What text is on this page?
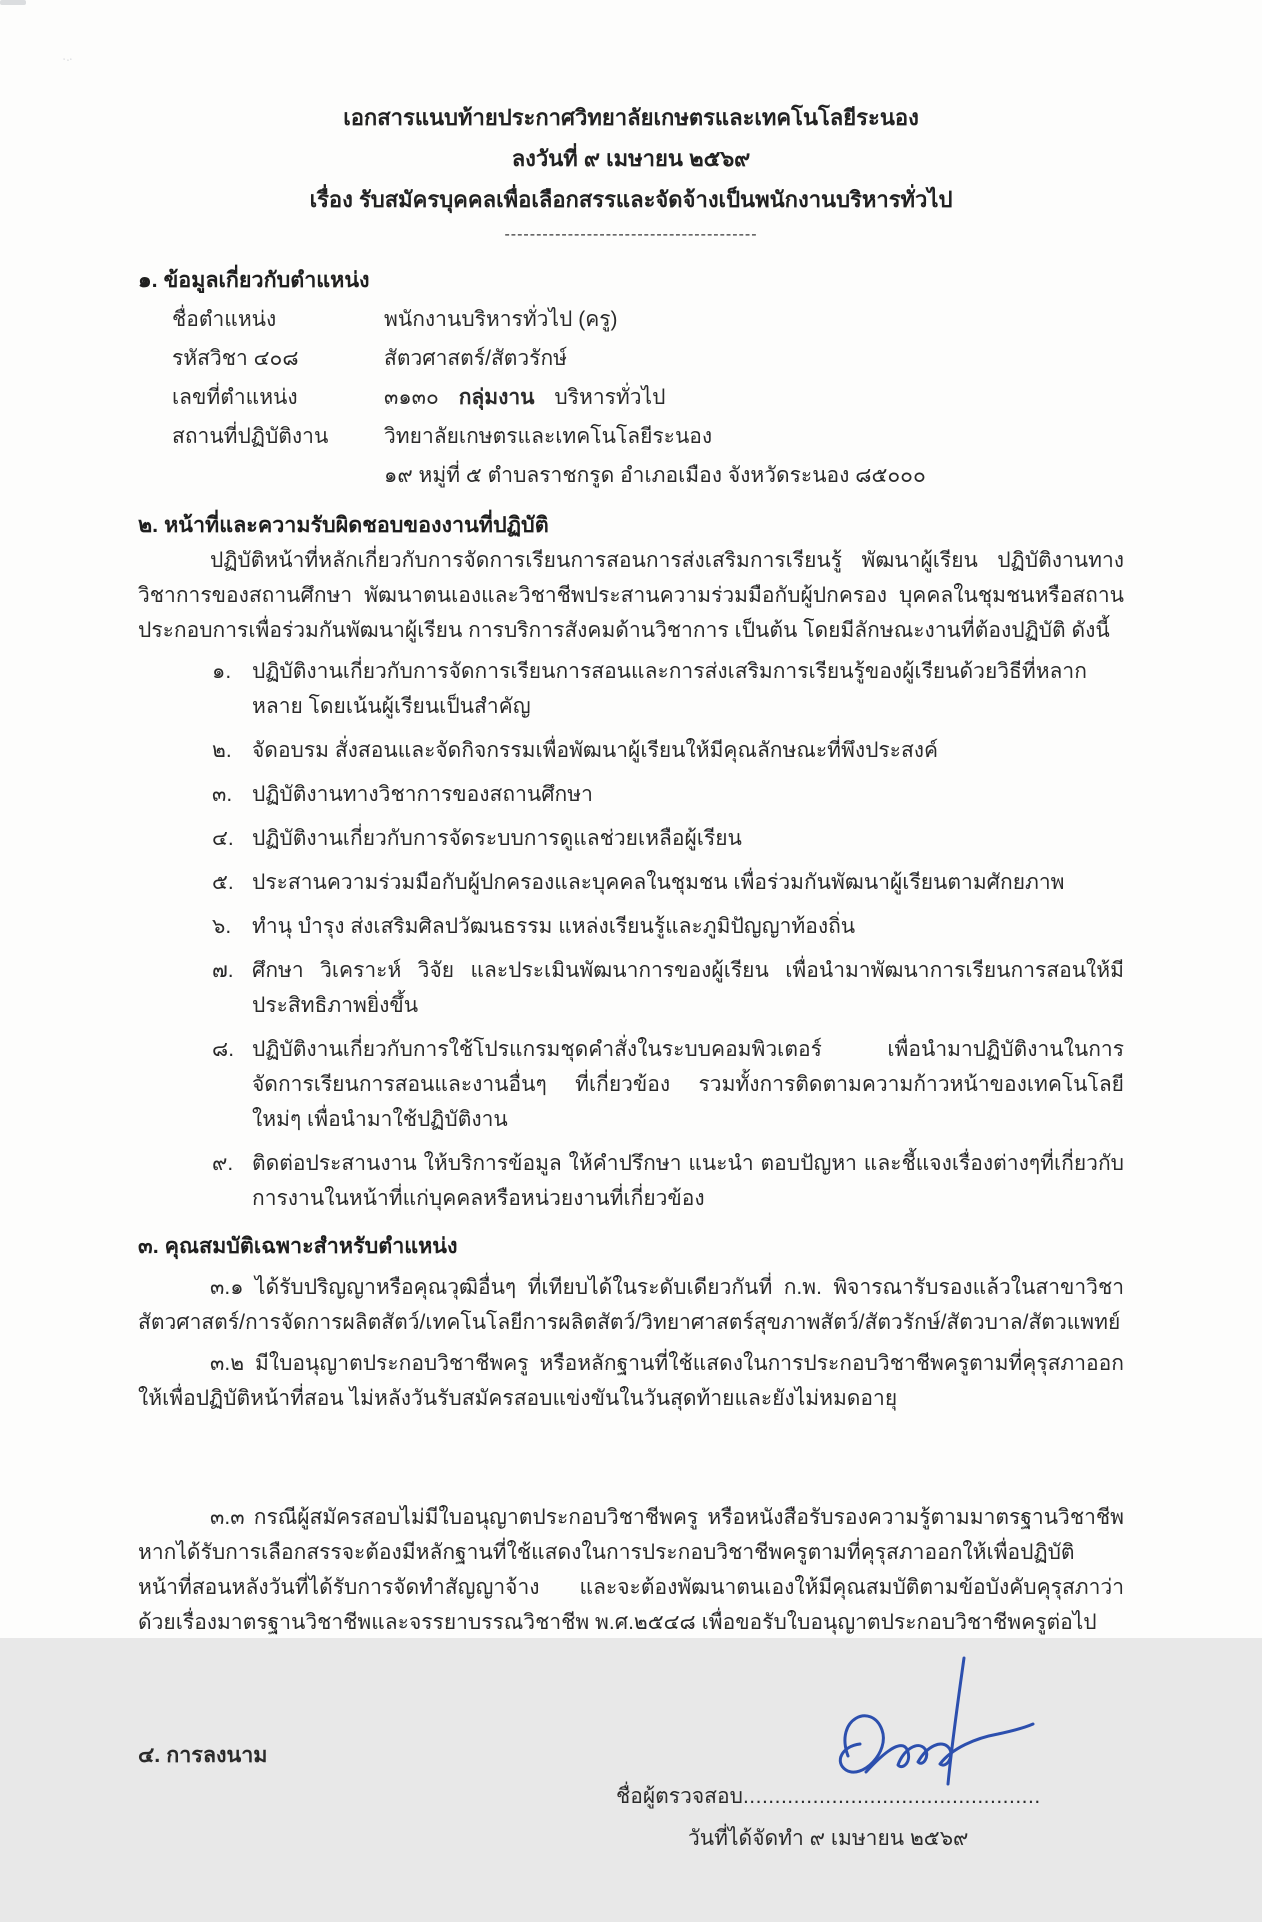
·..
เอกสารแนบท้ายประกาศวิทยาลัยเกษตรและเทคโนโลยีระนอง
ลงวันที่ ๙ เมษายน ๒๕๖๙
เรื่อง รับสมัครบุคคลเพื่อเลือกสรรและจัดจ้างเป็นพนักงานบริหารทั่วไป
----------------------------------------
๑. ข้อมูลเกี่ยวกับตำแหน่ง
ชื่อตำแหน่ง	พนักงานบริหารทั่วไป (ครู)
รหัสวิชา ๔๐๘	สัตวศาสตร์/สัตวรักษ์
เลขที่ตำแหน่ง	๓๑๓๐ กลุ่มงาน บริหารทั่วไป
สถานที่ปฏิบัติงาน	วิทยาลัยเกษตรและเทคโนโลยีระนอง
๑๙ หมู่ที่ ๕ ตำบลราชกรูด อำเภอเมือง จังหวัดระนอง ๘๕๐๐๐
๒. หน้าที่และความรับผิดชอบของงานที่ปฏิบัติ

ปฏิบัติหน้าที่หลักเกี่ยวกับการจัดการเรียนการสอนการส่งเสริมการเรียนรู้ พัฒนาผู้เรียน ปฏิบัติงานทางวิชาการของสถานศึกษา พัฒนาตนเองและวิชาชีพประสานความร่วมมือกับผู้ปกครอง บุคคลในชุมชนหรือสถานประกอบการเพื่อร่วมกันพัฒนาผู้เรียน การบริการสังคมด้านวิชาการ เป็นต้น โดยมีลักษณะงานที่ต้องปฏิบัติ ดังนี้

๑. ปฏิบัติงานเกี่ยวกับการจัดการเรียนการสอนและการส่งเสริมการเรียนรู้ของผู้เรียนด้วยวิธีที่หลากหลาย โดยเน้นผู้เรียนเป็นสำคัญ
๒. จัดอบรม สั่งสอนและจัดกิจกรรมเพื่อพัฒนาผู้เรียนให้มีคุณลักษณะที่พึงประสงค์
๓. ปฏิบัติงานทางวิชาการของสถานศึกษา
๔. ปฏิบัติงานเกี่ยวกับการจัดระบบการดูแลช่วยเหลือผู้เรียน
๕. ประสานความร่วมมือกับผู้ปกครองและบุคคลในชุมชน เพื่อร่วมกันพัฒนาผู้เรียนตามศักยภาพ
๖. ทำนุ บำรุง ส่งเสริมศิลปวัฒนธรรม แหล่งเรียนรู้และภูมิปัญญาท้องถิ่น
๗. ศึกษา วิเคราะห์ วิจัย และประเมินพัฒนาการของผู้เรียน เพื่อนำมาพัฒนาการเรียนการสอนให้มีประสิทธิภาพยิ่งขึ้น
๘. ปฏิบัติงานเกี่ยวกับการใช้โปรแกรมชุดคำสั่งในระบบคอมพิวเตอร์ เพื่อนำมาปฏิบัติงานในการจัดการเรียนการสอนและงานอื่นๆ ที่เกี่ยวข้อง รวมทั้งการติดตามความก้าวหน้าของเทคโนโลยีใหม่ๆ เพื่อนำมาใช้ปฏิบัติงาน
๙. ติดต่อประสานงาน ให้บริการข้อมูล ให้คำปรึกษา แนะนำ ตอบปัญหา และชี้แจงเรื่องต่างๆที่เกี่ยวกับการงานในหน้าที่แก่บุคคลหรือหน่วยงานที่เกี่ยวข้อง
๓. คุณสมบัติเฉพาะสำหรับตำแหน่ง

๓.๑ ได้รับปริญญาหรือคุณวุฒิอื่นๆ ที่เทียบได้ในระดับเดียวกันที่ ก.พ. พิจารณารับรองแล้วในสาขาวิชาสัตวศาสตร์/การจัดการผลิตสัตว์/เทคโนโลยีการผลิตสัตว์/วิทยาศาสตร์สุขภาพสัตว์/สัตวรักษ์/สัตวบาล/สัตวแพทย์

๓.๒ มีใบอนุญาตประกอบวิชาชีพครู หรือหลักฐานที่ใช้แสดงในการประกอบวิชาชีพครูตามที่คุรุสภาออกให้เพื่อปฏิบัติหน้าที่สอน ไม่หลังวันรับสมัครสอบแข่งขันในวันสุดท้ายและยังไม่หมดอายุ

๓.๓ กรณีผู้สมัครสอบไม่มีใบอนุญาตประกอบวิชาชีพครู หรือหนังสือรับรองความรู้ตามมาตรฐานวิชาชีพ หากได้รับการเลือกสรรจะต้องมีหลักฐานที่ใช้แสดงในการประกอบวิชาชีพครูตามที่คุรุสภาออกให้เพื่อปฏิบัติหน้าที่สอนหลังวันที่ได้รับการจัดทำสัญญาจ้าง และจะต้องพัฒนาตนเองให้มีคุณสมบัติตามข้อบังคับคุรุสภาว่าด้วยเรื่องมาตรฐานวิชาชีพและจรรยาบรรณวิชาชีพ พ.ศ.๒๕๔๘ เพื่อขอรับใบอนุญาตประกอบวิชาชีพครูต่อไป

๔. การลงนาม
ชื่อผู้ตรวจสอบ...............................................
วันที่ได้จัดทำ ๙ เมษายน ๒๕๖๙
